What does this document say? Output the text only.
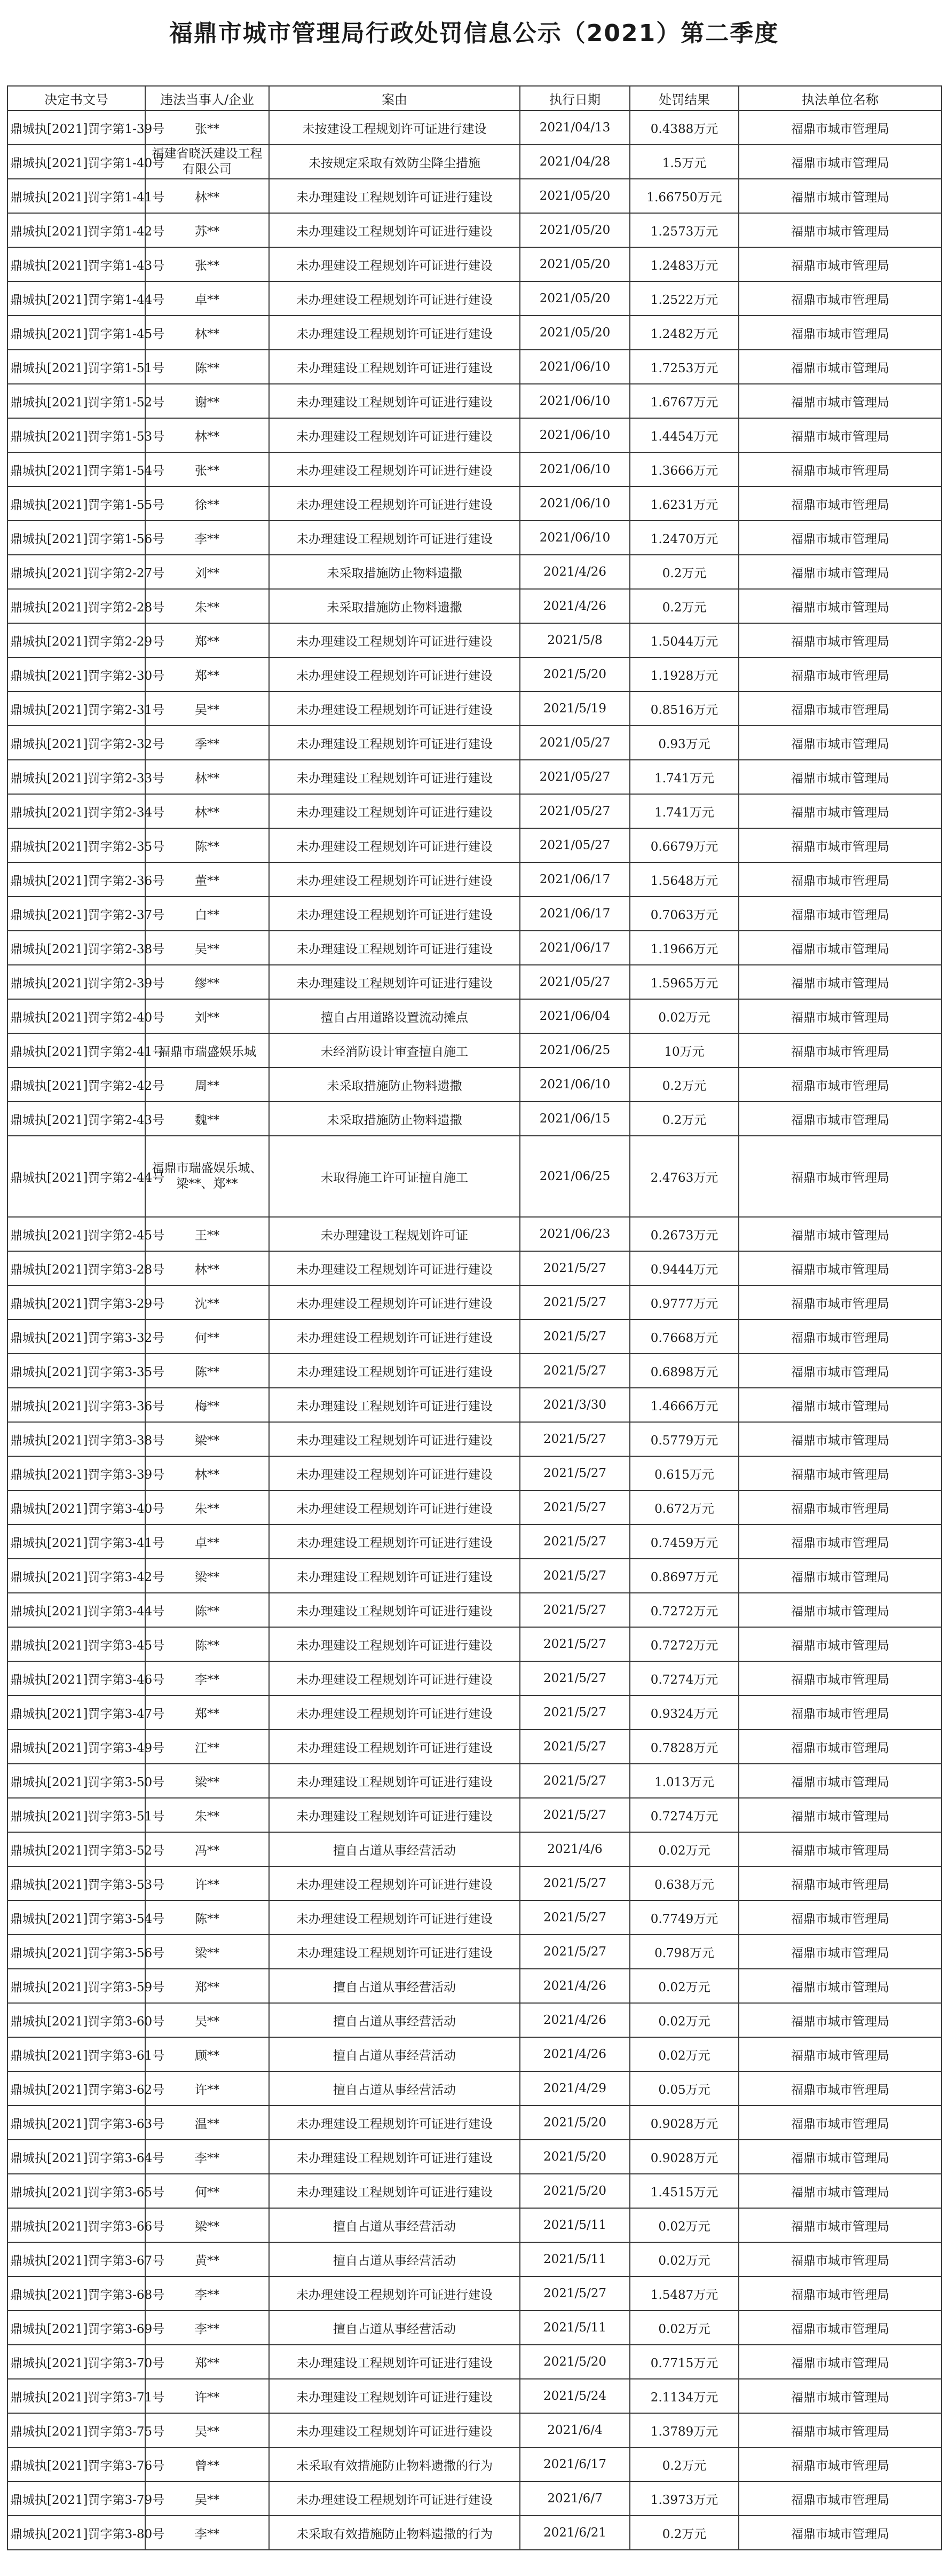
福鼎市城市管理局行政处罚信息公示（2021）第二季度
决定书文号	违法当事人/企业	案由	执行日期	处罚结果	执法单位名称
鼎城执[2021]罚字第1-39号	张**	未按建设工程规划许可证进行建设	2021/04/13	0.4388万元	福鼎市城市管理局
鼎城执[2021]罚字第1-40号	福建省晓沃建设工程有限公司	未按规定采取有效防尘降尘措施	2021/04/28	1.5万元	福鼎市城市管理局
鼎城执[2021]罚字第1-41号	林**	未办理建设工程规划许可证进行建设	2021/05/20	1.66750万元	福鼎市城市管理局
鼎城执[2021]罚字第1-42号	苏**	未办理建设工程规划许可证进行建设	2021/05/20	1.2573万元	福鼎市城市管理局
鼎城执[2021]罚字第1-43号	张**	未办理建设工程规划许可证进行建设	2021/05/20	1.2483万元	福鼎市城市管理局
鼎城执[2021]罚字第1-44号	卓**	未办理建设工程规划许可证进行建设	2021/05/20	1.2522万元	福鼎市城市管理局
鼎城执[2021]罚字第1-45号	林**	未办理建设工程规划许可证进行建设	2021/05/20	1.2482万元	福鼎市城市管理局
鼎城执[2021]罚字第1-51号	陈**	未办理建设工程规划许可证进行建设	2021/06/10	1.7253万元	福鼎市城市管理局
鼎城执[2021]罚字第1-52号	谢**	未办理建设工程规划许可证进行建设	2021/06/10	1.6767万元	福鼎市城市管理局
鼎城执[2021]罚字第1-53号	林**	未办理建设工程规划许可证进行建设	2021/06/10	1.4454万元	福鼎市城市管理局
鼎城执[2021]罚字第1-54号	张**	未办理建设工程规划许可证进行建设	2021/06/10	1.3666万元	福鼎市城市管理局
鼎城执[2021]罚字第1-55号	徐**	未办理建设工程规划许可证进行建设	2021/06/10	1.6231万元	福鼎市城市管理局
鼎城执[2021]罚字第1-56号	李**	未办理建设工程规划许可证进行建设	2021/06/10	1.2470万元	福鼎市城市管理局
鼎城执[2021]罚字第2-27号	刘**	未采取措施防止物料遗撒	2021/4/26	0.2万元	福鼎市城市管理局
鼎城执[2021]罚字第2-28号	朱**	未采取措施防止物料遗撒	2021/4/26	0.2万元	福鼎市城市管理局
鼎城执[2021]罚字第2-29号	郑**	未办理建设工程规划许可证进行建设	2021/5/8	1.5044万元	福鼎市城市管理局
鼎城执[2021]罚字第2-30号	郑**	未办理建设工程规划许可证进行建设	2021/5/20	1.1928万元	福鼎市城市管理局
鼎城执[2021]罚字第2-31号	吴**	未办理建设工程规划许可证进行建设	2021/5/19	0.8516万元	福鼎市城市管理局
鼎城执[2021]罚字第2-32号	季**	未办理建设工程规划许可证进行建设	2021/05/27	0.93万元	福鼎市城市管理局
鼎城执[2021]罚字第2-33号	林**	未办理建设工程规划许可证进行建设	2021/05/27	1.741万元	福鼎市城市管理局
鼎城执[2021]罚字第2-34号	林**	未办理建设工程规划许可证进行建设	2021/05/27	1.741万元	福鼎市城市管理局
鼎城执[2021]罚字第2-35号	陈**	未办理建设工程规划许可证进行建设	2021/05/27	0.6679万元	福鼎市城市管理局
鼎城执[2021]罚字第2-36号	董**	未办理建设工程规划许可证进行建设	2021/06/17	1.5648万元	福鼎市城市管理局
鼎城执[2021]罚字第2-37号	白**	未办理建设工程规划许可证进行建设	2021/06/17	0.7063万元	福鼎市城市管理局
鼎城执[2021]罚字第2-38号	吴**	未办理建设工程规划许可证进行建设	2021/06/17	1.1966万元	福鼎市城市管理局
鼎城执[2021]罚字第2-39号	缪**	未办理建设工程规划许可证进行建设	2021/05/27	1.5965万元	福鼎市城市管理局
鼎城执[2021]罚字第2-40号	刘**	擅自占用道路设置流动摊点	2021/06/04	0.02万元	福鼎市城市管理局
鼎城执[2021]罚字第2-41号	福鼎市瑞盛娱乐城	未经消防设计审查擅自施工	2021/06/25	10万元	福鼎市城市管理局
鼎城执[2021]罚字第2-42号	周**	未采取措施防止物料遗撒	2021/06/10	0.2万元	福鼎市城市管理局
鼎城执[2021]罚字第2-43号	魏**	未采取措施防止物料遗撒	2021/06/15	0.2万元	福鼎市城市管理局
鼎城执[2021]罚字第2-44号	福鼎市瑞盛娱乐城、梁**、郑**	未取得施工许可证擅自施工	2021/06/25	2.4763万元	福鼎市城市管理局
鼎城执[2021]罚字第2-45号	王**	未办理建设工程规划许可证	2021/06/23	0.2673万元	福鼎市城市管理局
鼎城执[2021]罚字第3-28号	林**	未办理建设工程规划许可证进行建设	2021/5/27	0.9444万元	福鼎市城市管理局
鼎城执[2021]罚字第3-29号	沈**	未办理建设工程规划许可证进行建设	2021/5/27	0.9777万元	福鼎市城市管理局
鼎城执[2021]罚字第3-32号	何**	未办理建设工程规划许可证进行建设	2021/5/27	0.7668万元	福鼎市城市管理局
鼎城执[2021]罚字第3-35号	陈**	未办理建设工程规划许可证进行建设	2021/5/27	0.6898万元	福鼎市城市管理局
鼎城执[2021]罚字第3-36号	梅**	未办理建设工程规划许可证进行建设	2021/3/30	1.4666万元	福鼎市城市管理局
鼎城执[2021]罚字第3-38号	梁**	未办理建设工程规划许可证进行建设	2021/5/27	0.5779万元	福鼎市城市管理局
鼎城执[2021]罚字第3-39号	林**	未办理建设工程规划许可证进行建设	2021/5/27	0.615万元	福鼎市城市管理局
鼎城执[2021]罚字第3-40号	朱**	未办理建设工程规划许可证进行建设	2021/5/27	0.672万元	福鼎市城市管理局
鼎城执[2021]罚字第3-41号	卓**	未办理建设工程规划许可证进行建设	2021/5/27	0.7459万元	福鼎市城市管理局
鼎城执[2021]罚字第3-42号	梁**	未办理建设工程规划许可证进行建设	2021/5/27	0.8697万元	福鼎市城市管理局
鼎城执[2021]罚字第3-44号	陈**	未办理建设工程规划许可证进行建设	2021/5/27	0.7272万元	福鼎市城市管理局
鼎城执[2021]罚字第3-45号	陈**	未办理建设工程规划许可证进行建设	2021/5/27	0.7272万元	福鼎市城市管理局
鼎城执[2021]罚字第3-46号	李**	未办理建设工程规划许可证进行建设	2021/5/27	0.7274万元	福鼎市城市管理局
鼎城执[2021]罚字第3-47号	郑**	未办理建设工程规划许可证进行建设	2021/5/27	0.9324万元	福鼎市城市管理局
鼎城执[2021]罚字第3-49号	江**	未办理建设工程规划许可证进行建设	2021/5/27	0.7828万元	福鼎市城市管理局
鼎城执[2021]罚字第3-50号	梁**	未办理建设工程规划许可证进行建设	2021/5/27	1.013万元	福鼎市城市管理局
鼎城执[2021]罚字第3-51号	朱**	未办理建设工程规划许可证进行建设	2021/5/27	0.7274万元	福鼎市城市管理局
鼎城执[2021]罚字第3-52号	冯**	擅自占道从事经营活动	2021/4/6	0.02万元	福鼎市城市管理局
鼎城执[2021]罚字第3-53号	许**	未办理建设工程规划许可证进行建设	2021/5/27	0.638万元	福鼎市城市管理局
鼎城执[2021]罚字第3-54号	陈**	未办理建设工程规划许可证进行建设	2021/5/27	0.7749万元	福鼎市城市管理局
鼎城执[2021]罚字第3-56号	梁**	未办理建设工程规划许可证进行建设	2021/5/27	0.798万元	福鼎市城市管理局
鼎城执[2021]罚字第3-59号	郑**	擅自占道从事经营活动	2021/4/26	0.02万元	福鼎市城市管理局
鼎城执[2021]罚字第3-60号	吴**	擅自占道从事经营活动	2021/4/26	0.02万元	福鼎市城市管理局
鼎城执[2021]罚字第3-61号	顾**	擅自占道从事经营活动	2021/4/26	0.02万元	福鼎市城市管理局
鼎城执[2021]罚字第3-62号	许**	擅自占道从事经营活动	2021/4/29	0.05万元	福鼎市城市管理局
鼎城执[2021]罚字第3-63号	温**	未办理建设工程规划许可证进行建设	2021/5/20	0.9028万元	福鼎市城市管理局
鼎城执[2021]罚字第3-64号	李**	未办理建设工程规划许可证进行建设	2021/5/20	0.9028万元	福鼎市城市管理局
鼎城执[2021]罚字第3-65号	何**	未办理建设工程规划许可证进行建设	2021/5/20	1.4515万元	福鼎市城市管理局
鼎城执[2021]罚字第3-66号	梁**	擅自占道从事经营活动	2021/5/11	0.02万元	福鼎市城市管理局
鼎城执[2021]罚字第3-67号	黄**	擅自占道从事经营活动	2021/5/11	0.02万元	福鼎市城市管理局
鼎城执[2021]罚字第3-68号	李**	未办理建设工程规划许可证进行建设	2021/5/27	1.5487万元	福鼎市城市管理局
鼎城执[2021]罚字第3-69号	李**	擅自占道从事经营活动	2021/5/11	0.02万元	福鼎市城市管理局
鼎城执[2021]罚字第3-70号	郑**	未办理建设工程规划许可证进行建设	2021/5/20	0.7715万元	福鼎市城市管理局
鼎城执[2021]罚字第3-71号	许**	未办理建设工程规划许可证进行建设	2021/5/24	2.1134万元	福鼎市城市管理局
鼎城执[2021]罚字第3-75号	吴**	未办理建设工程规划许可证进行建设	2021/6/4	1.3789万元	福鼎市城市管理局
鼎城执[2021]罚字第3-76号	曾**	未采取有效措施防止物料遗撒的行为	2021/6/17	0.2万元	福鼎市城市管理局
鼎城执[2021]罚字第3-79号	吴**	未办理建设工程规划许可证进行建设	2021/6/7	1.3973万元	福鼎市城市管理局
鼎城执[2021]罚字第3-80号	李**	未采取有效措施防止物料遗撒的行为	2021/6/21	0.2万元	福鼎市城市管理局
